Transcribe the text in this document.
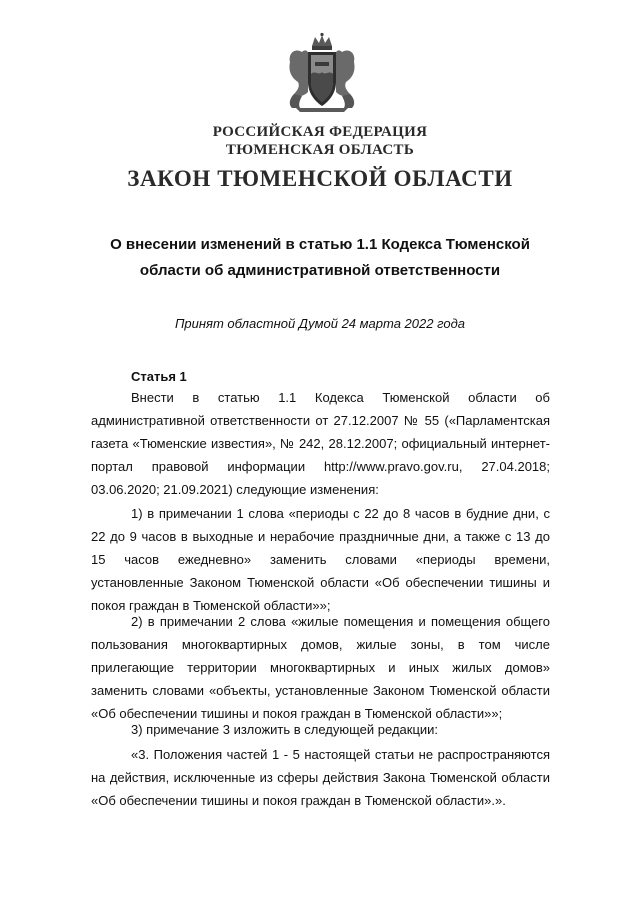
РОССИЙСКАЯ ФЕДЕРАЦИЯ
ТЮМЕНСКАЯ ОБЛАСТЬ
ЗАКОН ТЮМЕНСКОЙ ОБЛАСТИ
О внесении изменений в статью 1.1 Кодекса Тюменской
области об административной ответственности
Принят областной Думой 24 марта 2022 года
Статья 1

Внести в статью 1.1 Кодекса Тюменской области об административной ответственности от 27.12.2007 № 55 («Парламентская газета «Тюменские известия», № 242, 28.12.2007; официальный интернет-портал правовой информации http://www.pravo.gov.ru, 27.04.2018; 03.06.2020; 21.09.2021) следующие изменения:

1) в примечании 1 слова «периоды с 22 до 8 часов в будние дни, с 22 до 9 часов в выходные и нерабочие праздничные дни, а также с 13 до 15 часов ежедневно» заменить словами «периоды времени, установленные Законом Тюменской области «Об обеспечении тишины и покоя граждан в Тюменской области»»;

2) в примечании 2 слова «жилые помещения и помещения общего пользования многоквартирных домов, жилые зоны, в том числе прилегающие территории многоквартирных и иных жилых домов» заменить словами «объекты, установленные Законом Тюменской области «Об обеспечении тишины и покоя граждан в Тюменской области»»;

3) примечание 3 изложить в следующей редакции:

«3. Положения частей 1 - 5 настоящей статьи не распространяются на действия, исключенные из сферы действия Закона Тюменской области «Об обеспечении тишины и покоя граждан в Тюменской области».».
